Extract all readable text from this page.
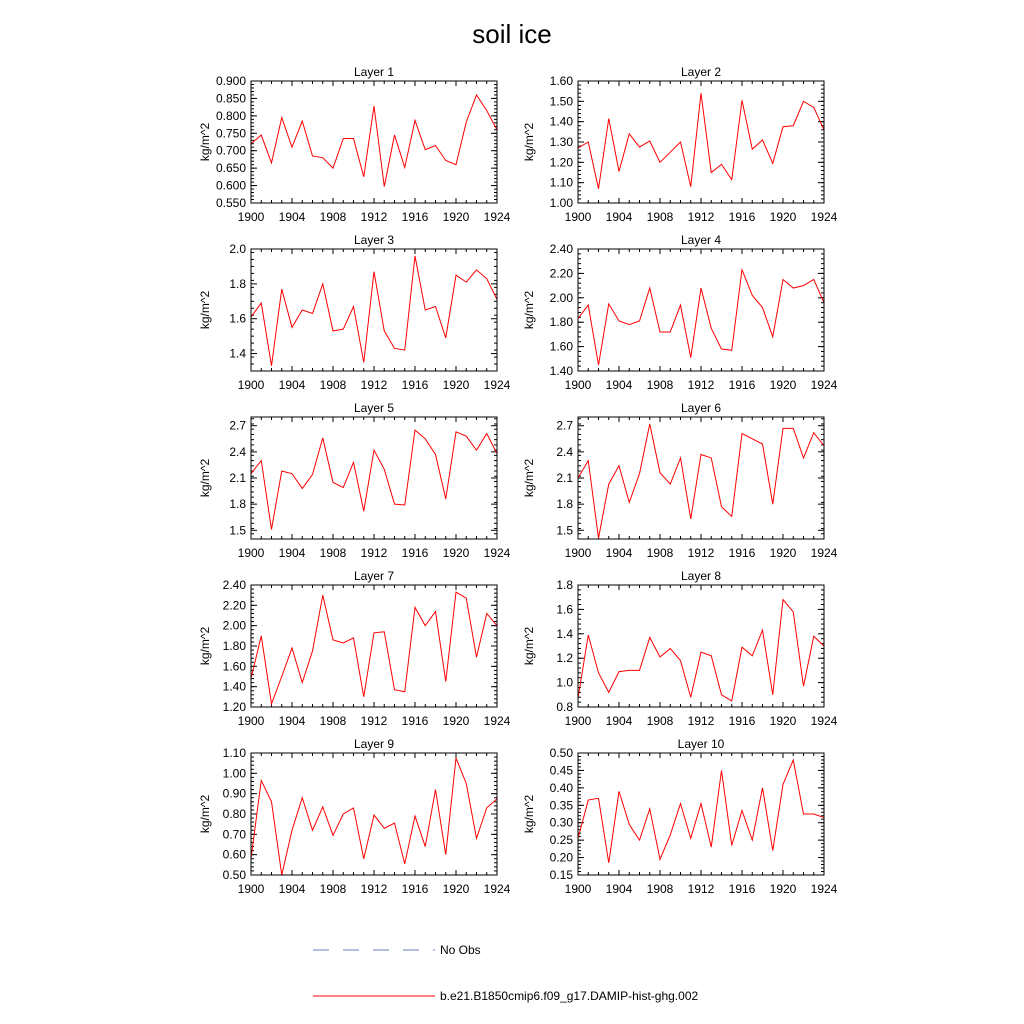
soil ice
Layer 1
kg/m^2
1900 1904 1908 1912 1916 1920 1924
0.550
0.600
0.650
0.700
0.750
0.800
0.850
0.900
Layer 2
kg/m^2
1900 1904 1908 1912 1916 1920 1924
1.00
1.10
1.20
1.30
1.40
1.50
1.60
Layer 3
kg/m^2
1900 1904 1908 1912 1916 1920 1924
1.4
1.6
1.8
2.0
Layer 4
kg/m^2
1900 1904 1908 1912 1916 1920 1924
1.40
1.60
1.80
2.00
2.20
2.40
Layer 5
kg/m^2
1900 1904 1908 1912 1916 1920 1924
1.5
1.8
2.1
2.4
2.7
Layer 6
kg/m^2
1900 1904 1908 1912 1916 1920 1924
1.5
1.8
2.1
2.4
2.7
Layer 7
kg/m^2
1900 1904 1908 1912 1916 1920 1924
1.20
1.40
1.60
1.80
2.00
2.20
2.40
Layer 8
kg/m^2
1900 1904 1908 1912 1916 1920 1924
0.8
1.0
1.2
1.4
1.6
1.8
Layer 9
kg/m^2
1900 1904 1908 1912 1916 1920 1924
0.50
0.60
0.70
0.80
0.90
1.00
1.10
Layer 10
kg/m^2
1900 1904 1908 1912 1916 1920 1924
0.15
0.20
0.25
0.30
0.35
0.40
0.45
0.50
No Obs
b.e21.B1850cmip6.f09_g17.DAMIP-hist-ghg.002
